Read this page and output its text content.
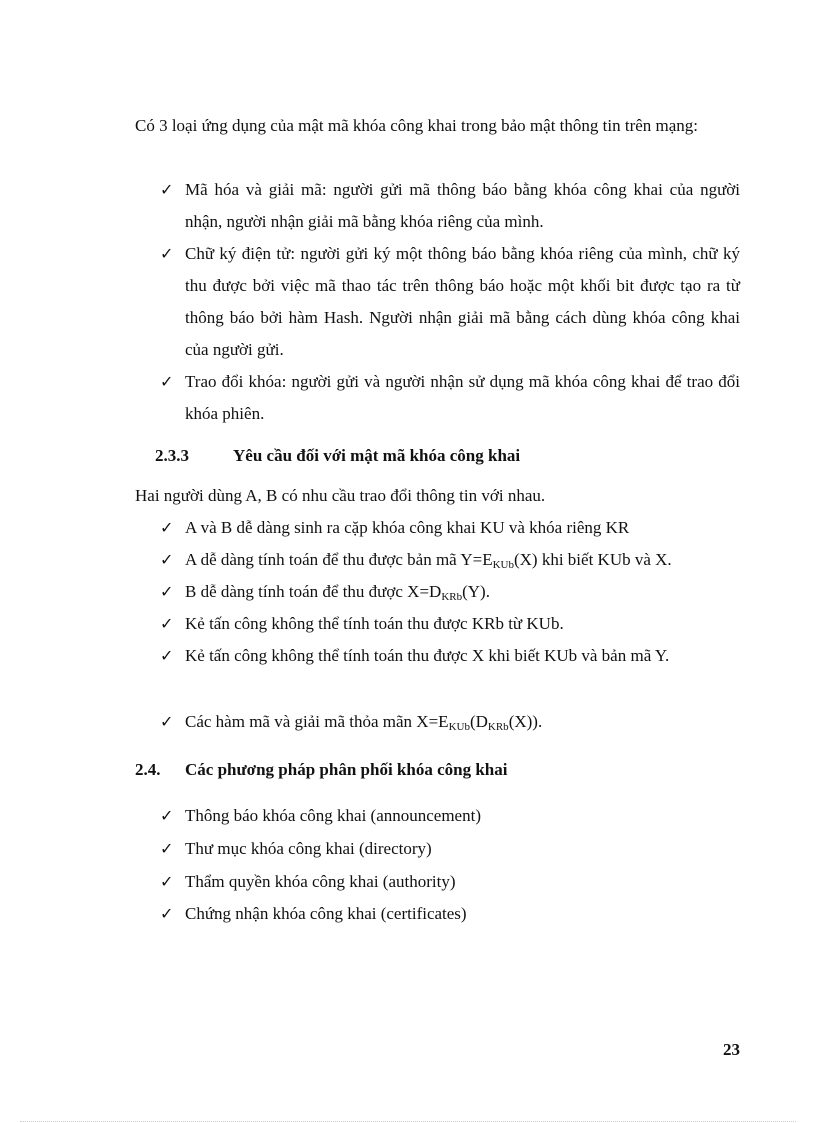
Có 3 loại ứng dụng của mật mã khóa công khai trong bảo mật thông tin trên mạng:

✓ Mã hóa và giải mã: người gửi mã thông báo bằng khóa công khai của người nhận, người nhận giải mã bằng khóa riêng của mình.
✓ Chữ ký điện tử: người gửi ký một thông báo bằng khóa riêng của mình, chữ ký thu được bởi việc mã thao tác trên thông báo hoặc một khối bit được tạo ra từ thông báo bởi hàm Hash. Người nhận giải mã bằng cách dùng khóa công khai của người gửi.
✓ Trao đổi khóa: người gửi và người nhận sử dụng mã khóa công khai để trao đổi khóa phiên.
2.3.3	Yêu cầu đối với mật mã khóa công khai

Hai người dùng A, B có nhu cầu trao đổi thông tin với nhau.

✓ A và B dễ dàng sinh ra cặp khóa công khai KU và khóa riêng KR
✓ A dễ dàng tính toán để thu được bản mã $Y=E_{KUb}(X)$ khi biết KUb và X.
✓ B dễ dàng tính toán để thu được $X=D_{KRb}(Y)$.
✓ Kẻ tấn công không thể tính toán thu được KRb từ KUb.
✓ Kẻ tấn công không thể tính toán thu được X khi biết KUb và bản mã Y.
✓ Các hàm mã và giải mã thỏa mãn $X=E_{KUb}(D_{KRb}(X))$.
2.4. Các phương pháp phân phối khóa công khai
✓ Thông báo khóa công khai (announcement)
✓ Thư mục khóa công khai (directory)
✓ Thẩm quyền khóa công khai (authority)
✓ Chứng nhận khóa công khai (certificates)
23
